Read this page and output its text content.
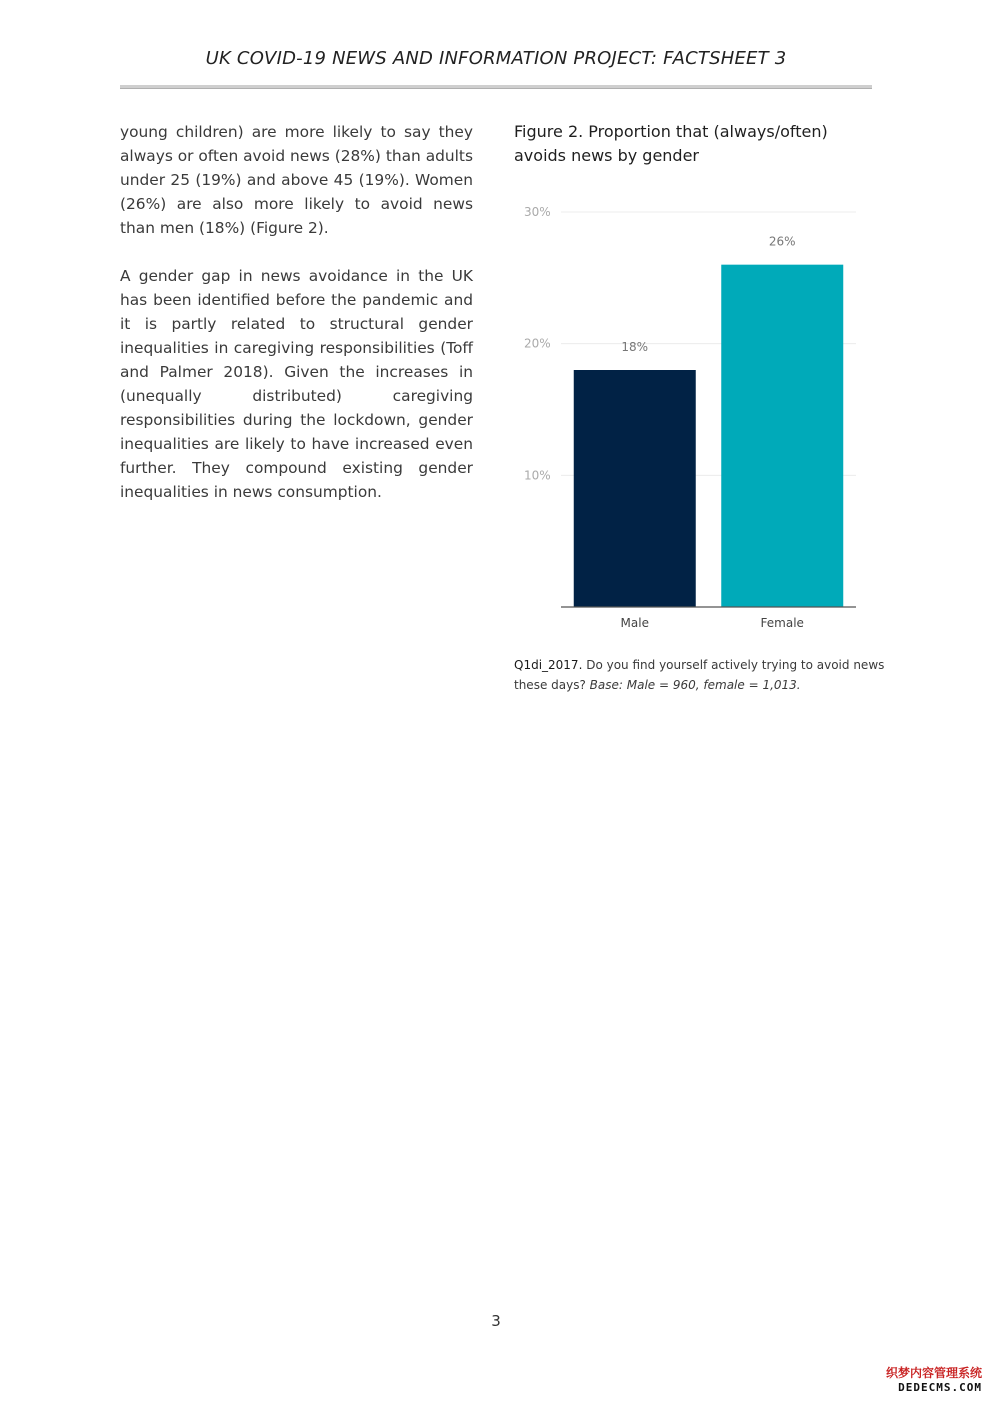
UK COVID-19 NEWS AND INFORMATION PROJECT: FACTSHEET 3

young children) are more likely to say they always or often avoid news (28%) than adults under 25 (19%) and above 45 (19%). Women (26%) are also more likely to avoid news than men (18%) (Figure 2).

A gender gap in news avoidance in the UK has been identified before the pandemic and it is partly related to structural gender inequalities in caregiving responsibilities (Toff and Palmer 2018). Given the increases in (unequally distributed) caregiving responsibilities during the lockdown, gender inequalities are likely to have increased even further. They compound existing gender inequalities in news consumption.

Figure 2. Proportion that (always/often) avoids news by gender
10%
20%
30%
18%
Male
26%
Female
Q1di_2017. Do you find yourself actively trying to avoid news these days? Base: Male = 960, female = 1,013.
3
织梦内容管理系统
DEDECMS.COM
